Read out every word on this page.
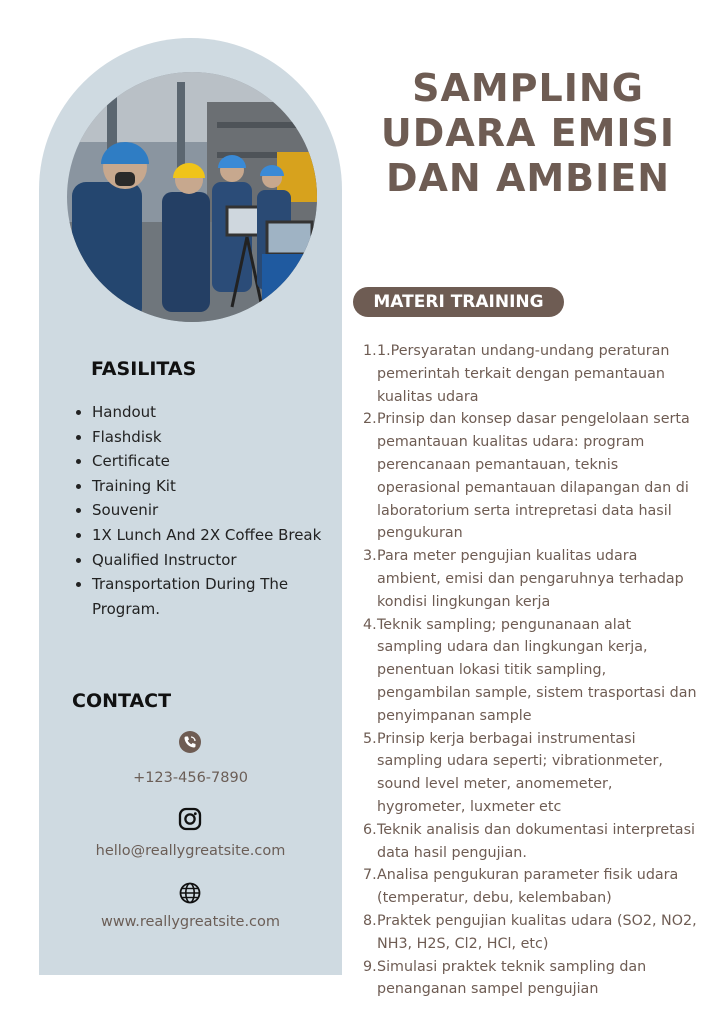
FASILITAS
• Handout
• Flashdisk
• Certificate
• Training Kit
• Souvenir
• 1X Lunch And 2X Coffee Break
• Qualified Instructor
• Transportation During The Program.
CONTACT
+123-456-7890
hello@reallygreatsite.com
www.reallygreatsite.com
SAMPLING UDARA EMISI DAN AMBIEN
MATERI TRAINING
1. 1.Persyaratan undang-undang peraturan pemerintah terkait dengan pemantauan kualitas udara
2. Prinsip dan konsep dasar pengelolaan serta pemantauan kualitas udara: program perencanaan pemantauan, teknis operasional pemantauan dilapangan dan di laboratorium serta intrepretasi data hasil pengukuran
3. Para meter pengujian kualitas udara ambient, emisi dan pengaruhnya terhadap kondisi lingkungan kerja
4. Teknik sampling; pengunanaan alat sampling udara dan lingkungan kerja, penentuan lokasi titik sampling, pengambilan sample, sistem trasportasi dan penyimpanan sample
5. Prinsip kerja berbagai instrumentasi sampling udara seperti; vibrationmeter, sound level meter, anomemeter, hygrometer, luxmeter etc
6. Teknik analisis dan dokumentasi interpretasi data hasil pengujian.
7. Analisa pengukuran parameter fisik udara (temperatur, debu, kelembaban)
8. Praktek pengujian kualitas udara (SO2, NO2, NH3, H2S, Cl2, HCl, etc)
9. Simulasi praktek teknik sampling dan penanganan sampel pengujian
